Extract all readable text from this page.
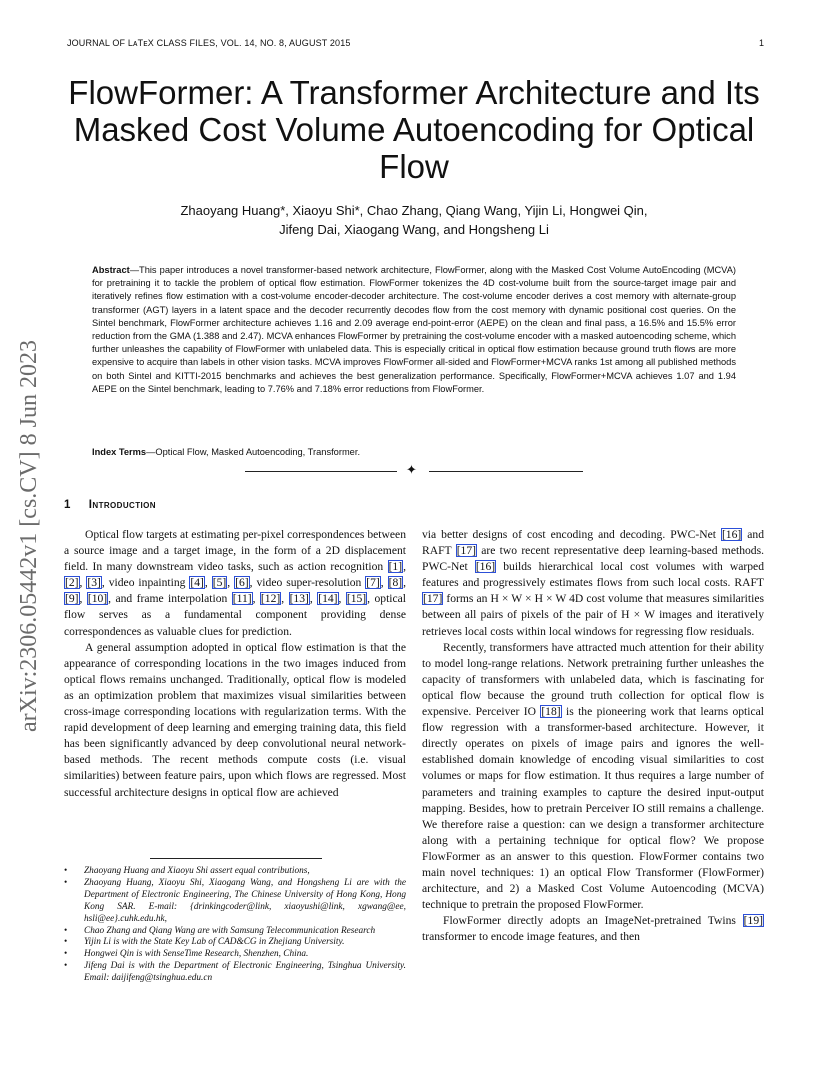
JOURNAL OF LᴀTᴇX CLASS FILES, VOL. 14, NO. 8, AUGUST 2015	1
arXiv:2306.05442v1 [cs.CV] 8 Jun 2023
FlowFormer: A Transformer Architecture and Its Masked Cost Volume Autoencoding for Optical Flow
Zhaoyang Huang*, Xiaoyu Shi*, Chao Zhang, Qiang Wang, Yijin Li, Hongwei Qin,
Jifeng Dai, Xiaogang Wang, and Hongsheng Li
Abstract—This paper introduces a novel transformer-based network architecture, FlowFormer, along with the Masked Cost Volume AutoEncoding (MCVA) for pretraining it to tackle the problem of optical flow estimation. FlowFormer tokenizes the 4D cost-volume built from the source-target image pair and iteratively refines flow estimation with a cost-volume encoder-decoder architecture. The cost-volume encoder derives a cost memory with alternate-group transformer (AGT) layers in a latent space and the decoder recurrently decodes flow from the cost memory with dynamic positional cost queries. On the Sintel benchmark, FlowFormer architecture achieves 1.16 and 2.09 average end-point-error (AEPE) on the clean and final pass, a 16.5% and 15.5% error reduction from the GMA (1.388 and 2.47). MCVA enhances FlowFormer by pretraining the cost-volume encoder with a masked autoencoding scheme, which further unleashes the capability of FlowFormer with unlabeled data. This is especially critical in optical flow estimation because ground truth flows are more expensive to acquire than labels in other vision tasks. MCVA improves FlowFormer all-sided and FlowFormer+MCVA ranks 1st among all published methods on both Sintel and KITTI-2015 benchmarks and achieves the best generalization performance. Specifically, FlowFormer+MCVA achieves 1.07 and 1.94 AEPE on the Sintel benchmark, leading to 7.76% and 7.18% error reductions from FlowFormer.
Index Terms—Optical Flow, Masked Autoencoding, Transformer.
✦
1 Introduction

Optical flow targets at estimating per-pixel correspondences between a source image and a target image, in the form of a 2D displacement field. In many downstream video tasks, such as action recognition [1], [2], [3], video inpainting [4], [5], [6], video super-resolution [7], [8], [9], [10], and frame interpolation [11], [12], [13], [14], [15], optical flow serves as a fundamental component providing dense correspondences as valuable clues for prediction.

A general assumption adopted in optical flow estimation is that the appearance of corresponding locations in the two images induced from optical flows remains unchanged. Traditionally, optical flow is modeled as an optimization problem that maximizes visual similarities between cross-image corresponding locations with regularization terms. With the rapid development of deep learning and emerging training data, this field has been significantly advanced by deep convolutional neural network-based methods. The recent methods compute costs (i.e. visual similarities) between feature pairs, upon which flows are regressed. Most successful architecture designs in optical flow are achieved

• Zhaoyang Huang and Xiaoyu Shi assert equal contributions,
• Zhaoyang Huang, Xiaoyu Shi, Xiaogang Wang, and Hongsheng Li are with the Department of Electronic Engineering, The Chinese University of Hong Kong, Hong Kong SAR. E-mail: {drinkingcoder@link, xiaoyushi@link, xgwang@ee, hsli@ee}.cuhk.edu.hk,
• Chao Zhang and Qiang Wang are with Samsung Telecommunication Research
• Yijin Li is with the State Key Lab of CAD&CG in Zhejiang University.
• Hongwei Qin is with SenseTime Research, Shenzhen, China.
• Jifeng Dai is with the Department of Electronic Engineering, Tsinghua University. Email: daijifeng@tsinghua.edu.cn

via better designs of cost encoding and decoding. PWC-Net [16] and RAFT [17] are two recent representative deep learning-based methods. PWC-Net [16] builds hierarchical local cost volumes with warped features and progressively estimates flows from such local costs. RAFT [17] forms an H × W × H × W 4D cost volume that measures similarities between all pairs of pixels of the pair of H × W images and iteratively retrieves local costs within local windows for regressing flow residuals.

Recently, transformers have attracted much attention for their ability to model long-range relations. Network pretraining further unleashes the capacity of transformers with unlabeled data, which is fascinating for optical flow because the ground truth collection for optical flow is expensive. Perceiver IO [18] is the pioneering work that learns optical flow regression with a transformer-based architecture. However, it directly operates on pixels of image pairs and ignores the well-established domain knowledge of encoding visual similarities to cost volumes or maps for flow estimation. It thus requires a large number of parameters and training examples to capture the desired input-output mapping. Besides, how to pretrain Perceiver IO still remains a challenge. We therefore raise a question: can we design a transformer architecture along with a pertaining technique for optical flow? We propose FlowFormer as an answer to this question. FlowFormer contains two main novel techniques: 1) an optical Flow Transformer (FlowFormer) architecture, and 2) a Masked Cost Volume Autoencoding (MCVA) technique to pretrain the proposed FlowFormer.

FlowFormer directly adopts an ImageNet-pretrained Twins [19] transformer to encode image features, and then
